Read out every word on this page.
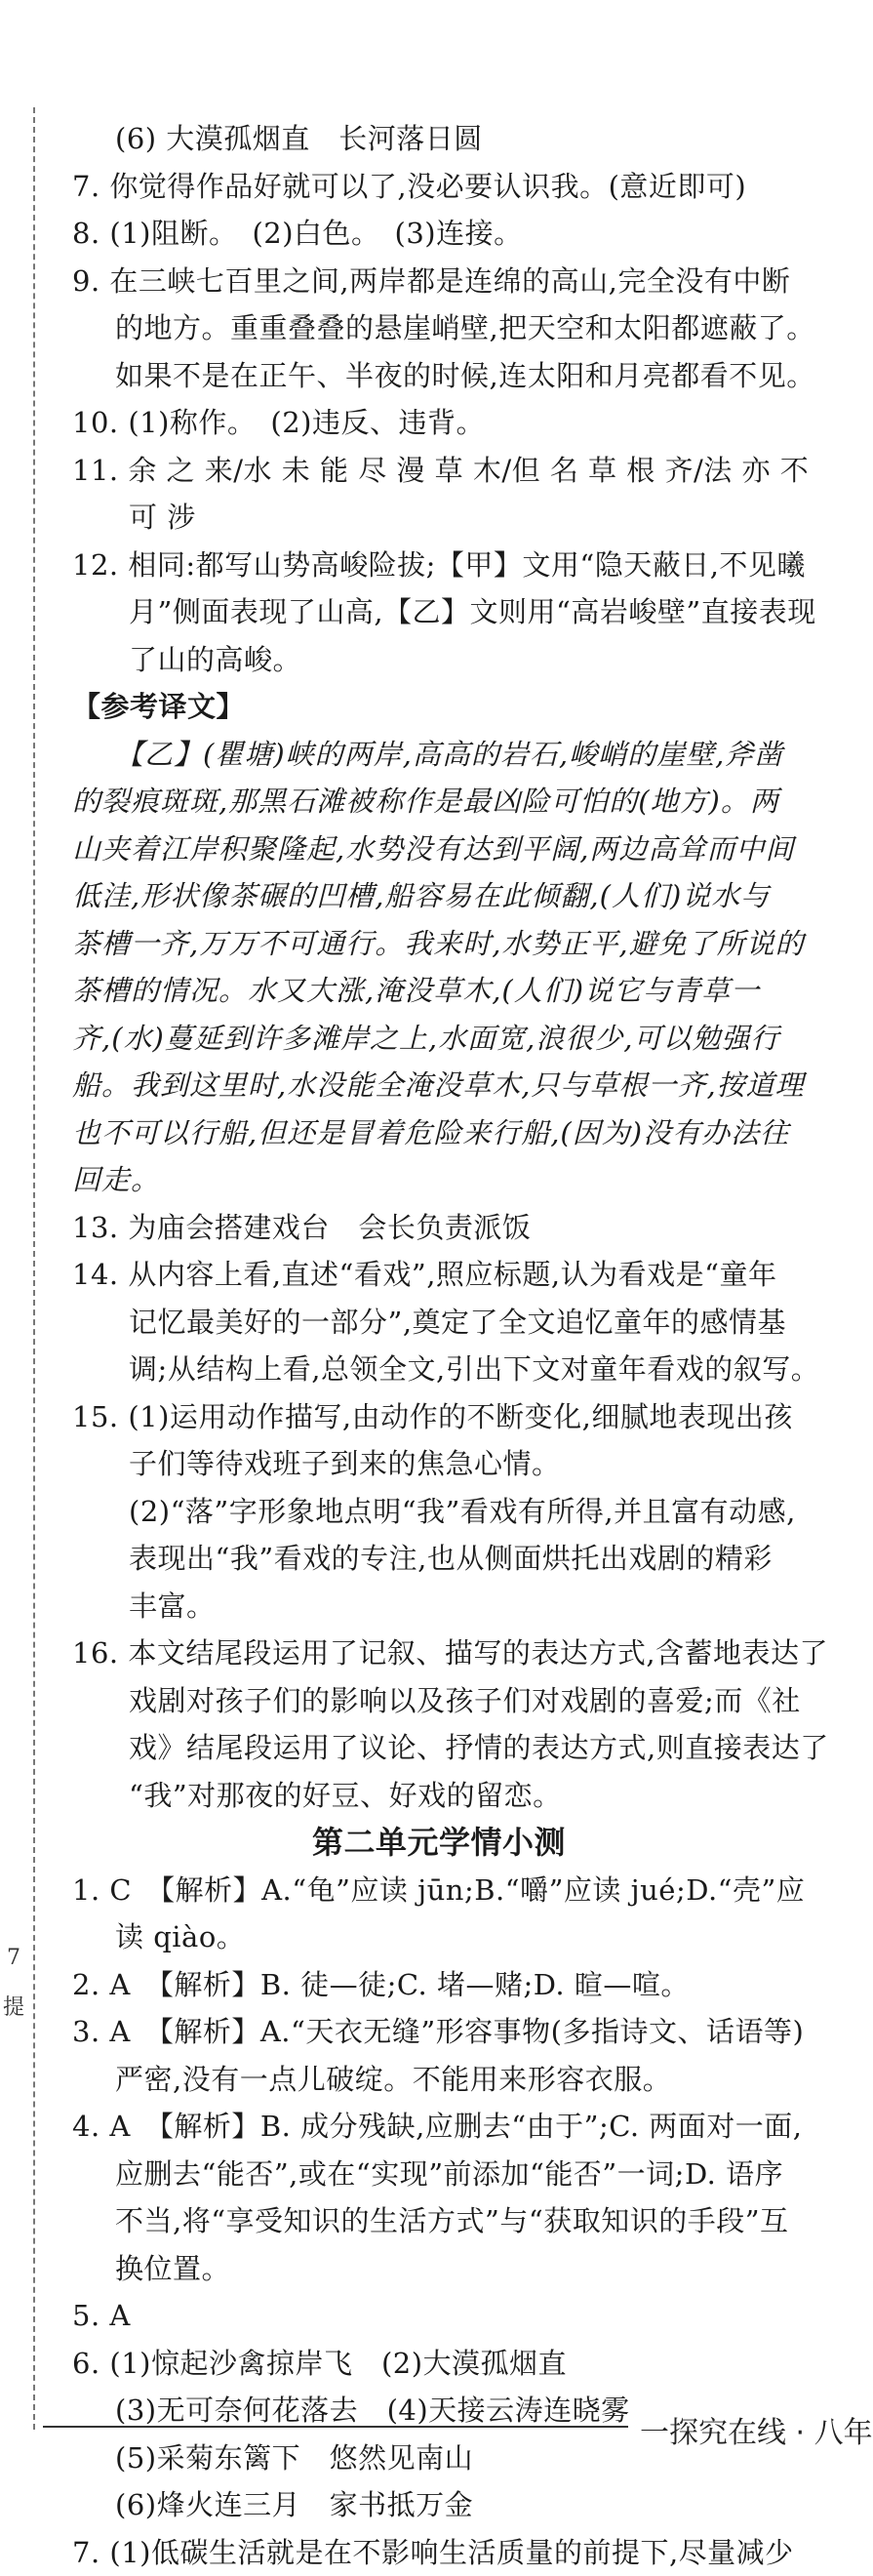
7
提
(6) 大漠孤烟直　长河落日圆
7. 你觉得作品好就可以了,没必要认识我。(意近即可)
8. (1)阻断。　(2)白色。　(3)连接。
9. 在三峡七百里之间,两岸都是连绵的高山,完全没有中断
的地方。重重叠叠的悬崖峭壁,把天空和太阳都遮蔽了。
如果不是在正午、半夜的时候,连太阳和月亮都看不见。
10. (1)称作。　(2)违反、违背。
11. 余 之 来/水 未 能 尽 漫 草 木/但 名 草 根 齐/法 亦 不
可 涉
12. 相同:都写山势高峻险拔;【甲】文用“隐天蔽日,不见曦
月”侧面表现了山高,【乙】文则用“高岩峻壁”直接表现
了山的高峻。
【参考译文】
【乙】(瞿塘)峡的两岸,高高的岩石,峻峭的崖壁,斧凿
的裂痕斑斑,那黑石滩被称作是最凶险可怕的(地方)。两
山夹着江岸积聚隆起,水势没有达到平阔,两边高耸而中间
低洼,形状像茶碾的凹槽,船容易在此倾翻,(人们)说水与
茶槽一齐,万万不可通行。我来时,水势正平,避免了所说的
茶槽的情况。水又大涨,淹没草木,(人们)说它与青草一
齐,(水)蔓延到许多滩岸之上,水面宽,浪很少,可以勉强行
船。我到这里时,水没能全淹没草木,只与草根一齐,按道理
也不可以行船,但还是冒着危险来行船,(因为)没有办法往
回走。
13. 为庙会搭建戏台　会长负责派饭
14. 从内容上看,直述“看戏”,照应标题,认为看戏是“童年
记忆最美好的一部分”,奠定了全文追忆童年的感情基
调;从结构上看,总领全文,引出下文对童年看戏的叙写。
15. (1)运用动作描写,由动作的不断变化,细腻地表现出孩
子们等待戏班子到来的焦急心情。
(2)“落”字形象地点明“我”看戏有所得,并且富有动感,
表现出“我”看戏的专注,也从侧面烘托出戏剧的精彩
丰富。
16. 本文结尾段运用了记叙、描写的表达方式,含蓄地表达了
戏剧对孩子们的影响以及孩子们对戏剧的喜爱;而《社
戏》结尾段运用了议论、抒情的表达方式,则直接表达了
“我”对那夜的好豆、好戏的留恋。
第二单元学情小测
1. C　【解析】A.“龟”应读 jūn;B.“嚼”应读 jué;D.“壳”应
读 qiào。
2. A　【解析】B. 徒—徒;C. 堵—赌;D. 暄—喧。
3. A　【解析】A.“天衣无缝”形容事物(多指诗文、话语等)
严密,没有一点儿破绽。不能用来形容衣服。
4. A　【解析】B. 成分残缺,应删去“由于”;C. 两面对一面,
应删去“能否”,或在“实现”前添加“能否”一词;D. 语序
不当,将“享受知识的生活方式”与“获取知识的手段”互
换位置。
5. A
6. (1)惊起沙禽掠岸飞　(2)大漠孤烟直
(3)无可奈何花落去　(4)天接云涛连晓雾
(5)采菊东篱下　悠然见南山
(6)烽火连三月　家书抵万金
7. (1)低碳生活就是在不影响生活质量的前提下,尽量减少
一探究在线 · 八年
